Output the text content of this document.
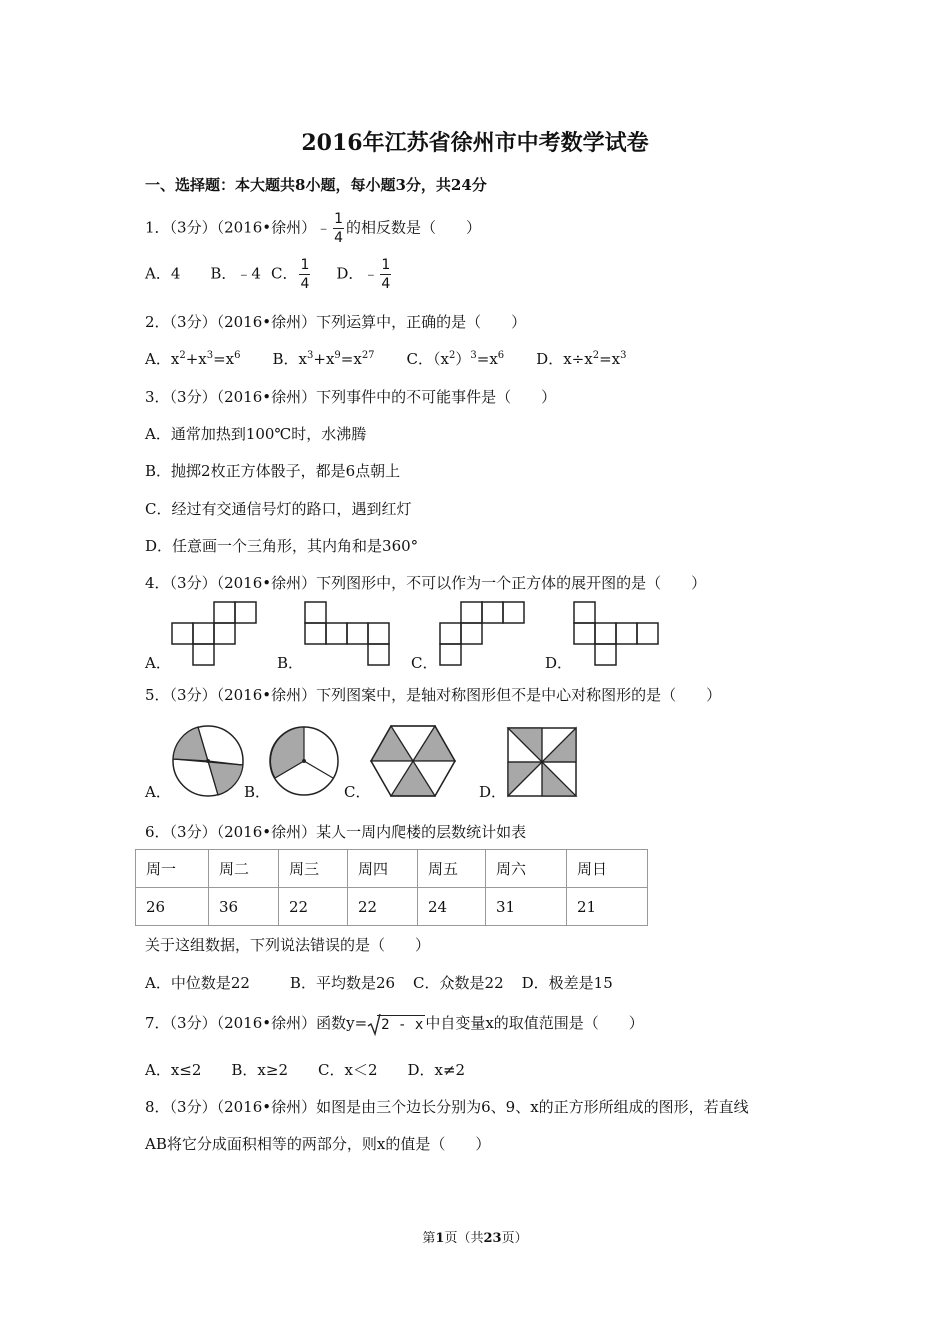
2016年江苏省徐州市中考数学试卷
一、选择题：本大题共8小题，每小题3分，共24分
1．（3分）（2016•徐州）﹣ $\frac{1}{4}$ 的相反数是（　　）
A．4 B．﹣4 C． $\frac{1}{4}$ D．﹣ $\frac{1}{4}$
2．（3分）（2016•徐州）下列运算中，正确的是（　　）
A．$x^2+x^3=x^6$ B．$x^3+x^9=x^{27}$ C．$(x^2)^3=x^6$ D．$x\div x^2=x^3$
3．（3分）（2016•徐州）下列事件中的不可能事件是（　　）
A．通常加热到100℃时，水沸腾
B．抛掷2枚正方体骰子，都是6点朝上
C．经过有交通信号灯的路口，遇到红灯
D．任意画一个三角形，其内角和是360°
4．（3分）（2016•徐州）下列图形中，不可以作为一个正方体的展开图的是（　　）
A．	B．	C．	D．
5．（3分）（2016•徐州）下列图案中，是轴对称图形但不是中心对称图形的是（　　）
A．	B．	C．	D．
6．（3分）（2016•徐州）某人一周内爬楼的层数统计如表
周一	周二	周三	周四	周五	周六	周日
26	36	22	22	24	31	21
关于这组数据，下列说法错误的是（　　）
A．中位数是22	B．平均数是26 C．众数是22 D．极差是15
7．（3分）（2016•徐州）函数y= 2 - x 中自变量x的取值范围是（　　）
A．x≤2 B．x≥2 C．x＜2 D．x≠2
8．（3分）（2016•徐州）如图是由三个边长分别为6、9、x的正方形所组成的图形，若直线
AB将它分成面积相等的两部分，则x的值是（　　）
第1页（共23页）
